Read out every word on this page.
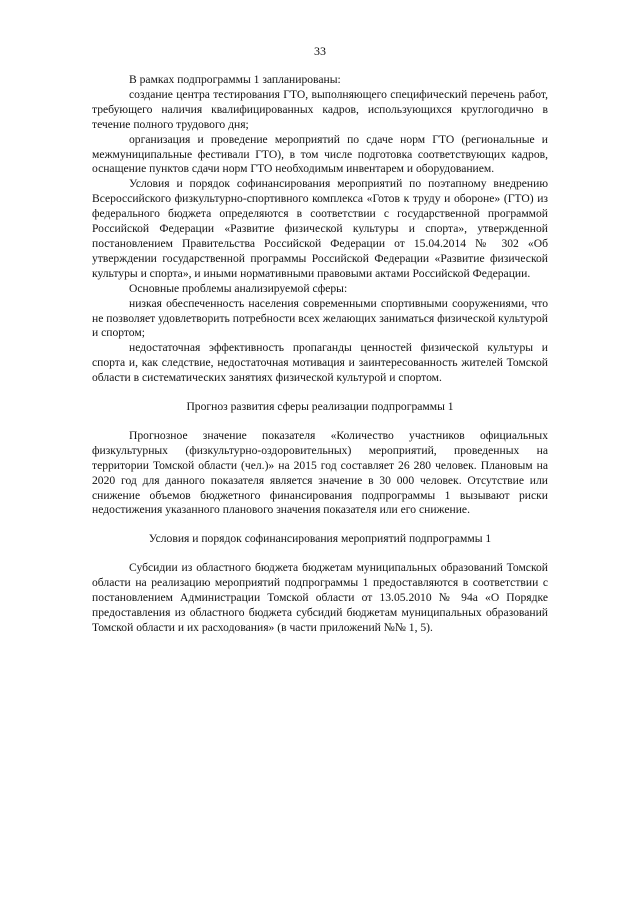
33

В рамках подпрограммы 1 запланированы:

создание центра тестирования ГТО, выполняющего специфический перечень работ, требующего наличия квалифицированных кадров, использующихся круглогодично в течение полного трудового дня;

организация и проведение мероприятий по сдаче норм ГТО (региональные и межмуниципальные фестивали ГТО), в том числе подготовка соответствующих кадров, оснащение пунктов сдачи норм ГТО необходимым инвентарем и оборудованием.

Условия и порядок софинансирования мероприятий по поэтапному внедрению Всероссийского физкультурно-спортивного комплекса «Готов к труду и обороне» (ГТО) из федерального бюджета определяются в соответствии с государственной программой Российской Федерации «Развитие физической культуры и спорта», утвержденной постановлением Правительства Российской Федерации от 15.04.2014 № 302 «Об утверждении государственной программы Российской Федерации «Развитие физической культуры и спорта», и иными нормативными правовыми актами Российской Федерации.

Основные проблемы анализируемой сферы:

низкая обеспеченность населения современными спортивными сооружениями, что не позволяет удовлетворить потребности всех желающих заниматься физической культурой и спортом;

недостаточная эффективность пропаганды ценностей физической культуры и спорта и, как следствие, недостаточная мотивация и заинтересованность жителей Томской области в систематических занятиях физической культурой и спортом.

Прогноз развития сферы реализации подпрограммы 1

Прогнозное значение показателя «Количество участников официальных физкультурных (физкультурно-оздоровительных) мероприятий, проведенных на территории Томской области (чел.)» на 2015 год составляет 26 280 человек. Плановым на 2020 год для данного показателя является значение в 30 000 человек. Отсутствие или снижение объемов бюджетного финансирования подпрограммы 1 вызывают риски недостижения указанного планового значения показателя или его снижение.

Условия и порядок софинансирования мероприятий подпрограммы 1

Субсидии из областного бюджета бюджетам муниципальных образований Томской области на реализацию мероприятий подпрограммы 1 предоставляются в соответствии с постановлением Администрации Томской области от 13.05.2010 № 94а «О Порядке предоставления из областного бюджета субсидий бюджетам муниципальных образований Томской области и их расходования» (в части приложений №№ 1, 5).
